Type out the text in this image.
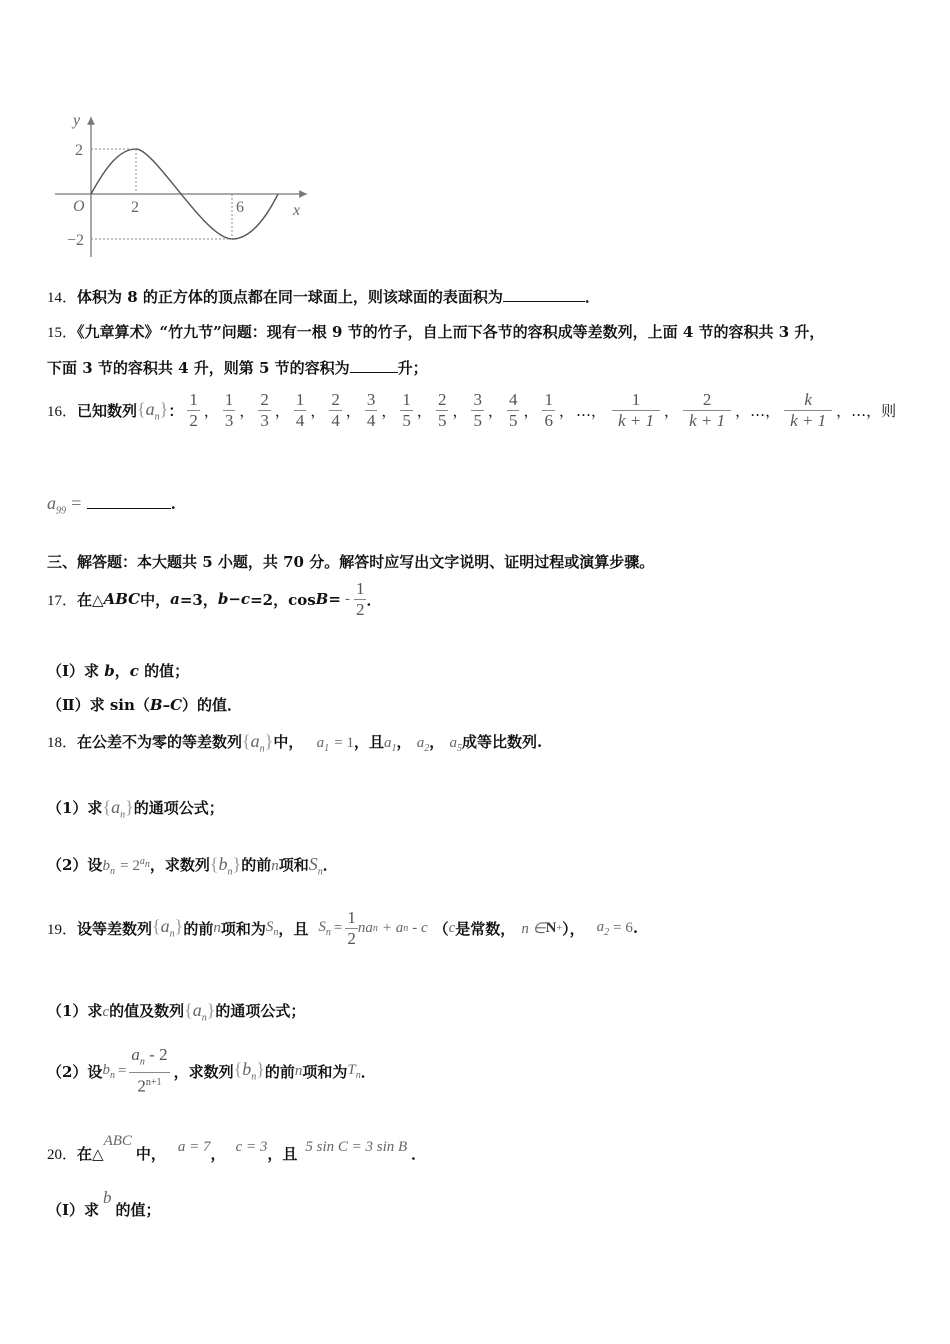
y
x
O
2
−2
2	6
14．体积为 8 的正方体的顶点都在同一球面上，则该球面的表面积为	．
15．《九章算术》“竹九节”问题：现有一根 9 节的竹子，自上而下各节的容积成等差数列，上面 4 节的容积共 3 升，
下面 3 节的容积共 4 升，则第 5 节的容积为	升；
16． 已知数列 $\{a_n\}$ ： $\frac{1}{2}$ ， $\frac{1}{3}$ ， $\frac{2}{3}$ ， $\frac{1}{4}$ ， $\frac{2}{4}$ ， $\frac{3}{4}$ ， $\frac{1}{5}$ ， $\frac{2}{5}$ ， $\frac{3}{5}$ ， $\frac{4}{5}$ ， $\frac{1}{6}$ ， …， $\frac{1}{k + 1}$ ， $\frac{2}{k + 1}$ ， …， $\frac{k}{k + 1}$ ， …，则
$a_{99}$ =	.
三、解答题：本大题共 5 小题，共 70 分。解答时应写出文字说明、证明过程或演算步骤。
17． 在△ ABC 中， a =3， b−c =2，cos B = - $\frac{1}{2}$ ．
（Ⅰ）求 b，c 的值；
（Ⅱ）求 sin（B–C）的值．
18．在公差不为零的等差数列$\{a_n\}$中， $a_1 = 1$，且$a_1$， $a_2$， $a_5$成等比数列.
（1）求$\{a_n\}$的通项公式；
（2）设$b_n = 2^{a_n}$，求数列$\{b_n\}$的前n项和$S_n$．
19． 设等差数列 $\{a_n\}$ 的前 n 项和为 $S_n$ ，且 $S_n = \frac{1}{2}$ na n + a n - c （ c 是常数， n ∈ N + ）， $a_2 = 6$ .
（1）求c的值及数列$\{a_n\}$的通项公式；
（2）设 $b_n = \frac{a_n - 2}{2^{n+1}}$ ，求数列 $\{b_n\}$ 的前 n 项和为 $T_n$ ．
20． 在△
ABC
中， a = 7 ， c = 3 ，且 5 sin C = 3 sin B ．
（Ⅰ）求
b
的值；
